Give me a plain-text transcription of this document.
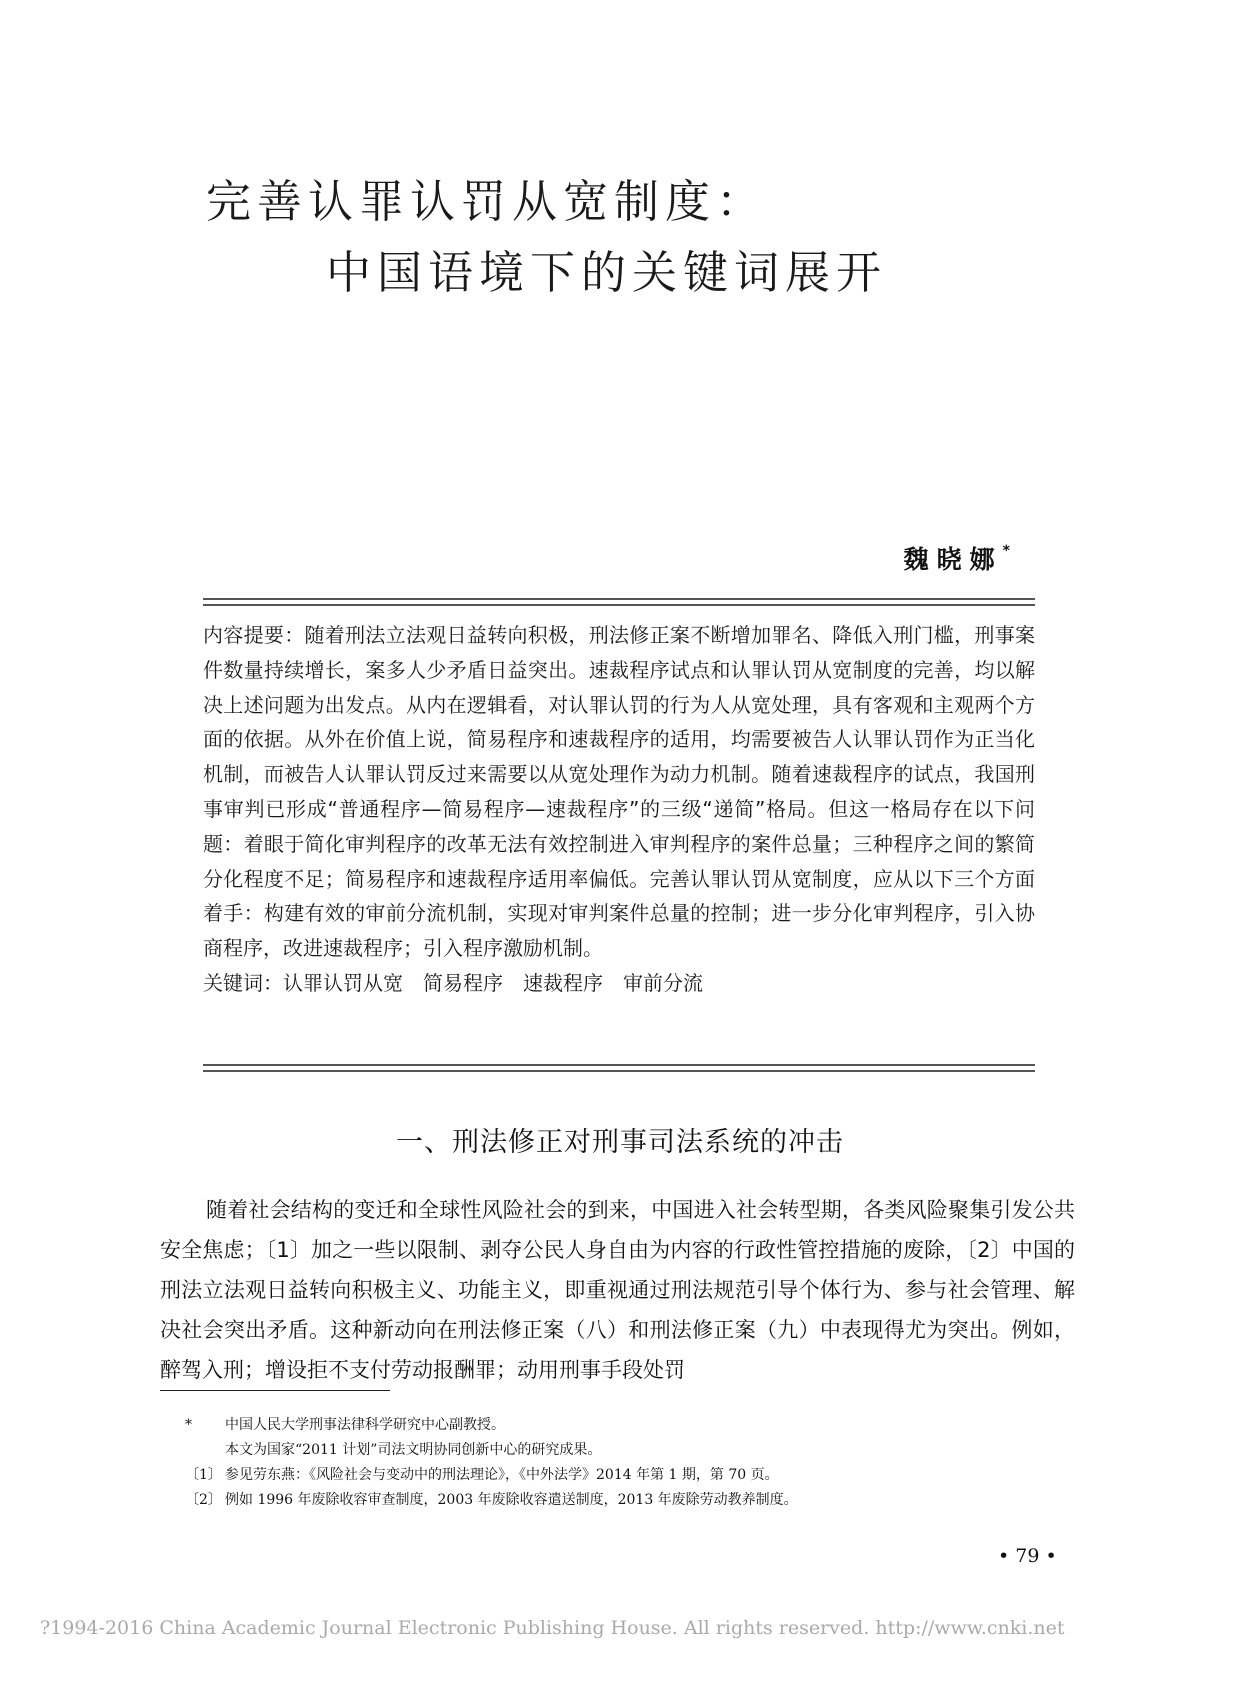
完善认罪认罚从宽制度：
中国语境下的关键词展开
魏晓娜*

内容提要：随着刑法立法观日益转向积极，刑法修正案不断增加罪名、降低入刑门槛，刑事案件数量持续增长，案多人少矛盾日益突出。速裁程序试点和认罪认罚从宽制度的完善，均以解决上述问题为出发点。从内在逻辑看，对认罪认罚的行为人从宽处理，具有客观和主观两个方面的依据。从外在价值上说，简易程序和速裁程序的适用，均需要被告人认罪认罚作为正当化机制，而被告人认罪认罚反过来需要以从宽处理作为动力机制。随着速裁程序的试点，我国刑事审判已形成“普通程序—简易程序—速裁程序”的三级“递简”格局。但这一格局存在以下问题：着眼于简化审判程序的改革无法有效控制进入审判程序的案件总量；三种程序之间的繁简分化程度不足；简易程序和速裁程序适用率偏低。完善认罪认罚从宽制度，应从以下三个方面着手：构建有效的审前分流机制，实现对审判案件总量的控制；进一步分化审判程序，引入协商程序，改进速裁程序；引入程序激励机制。

关键词：认罪认罚从宽 简易程序 速裁程序 审前分流

一、刑法修正对刑事司法系统的冲击

随着社会结构的变迁和全球性风险社会的到来，中国进入社会转型期，各类风险聚集引发公共安全焦虑；〔1〕加之一些以限制、剥夺公民人身自由为内容的行政性管控措施的废除，〔2〕中国的刑法立法观日益转向积极主义、功能主义，即重视通过刑法规范引导个体行为、参与社会管理、解决社会突出矛盾。这种新动向在刑法修正案（八）和刑法修正案（九）中表现得尤为突出。例如，醉驾入刑；增设拒不支付劳动报酬罪；动用刑事手段处罚

*	中国人民大学刑事法律科学研究中心副教授。
本文为国家“2011 计划”司法文明协同创新中心的研究成果。
〔1〕 参见劳东燕：《风险社会与变动中的刑法理论》，《中外法学》2014 年第 1 期，第 70 页。
〔2〕 例如 1996 年废除收容审查制度，2003 年废除收容遣送制度，2013 年废除劳动教养制度。
• 79 •
?1994-2016 China Academic Journal Electronic Publishing House. All rights reserved. http://www.cnki.net
